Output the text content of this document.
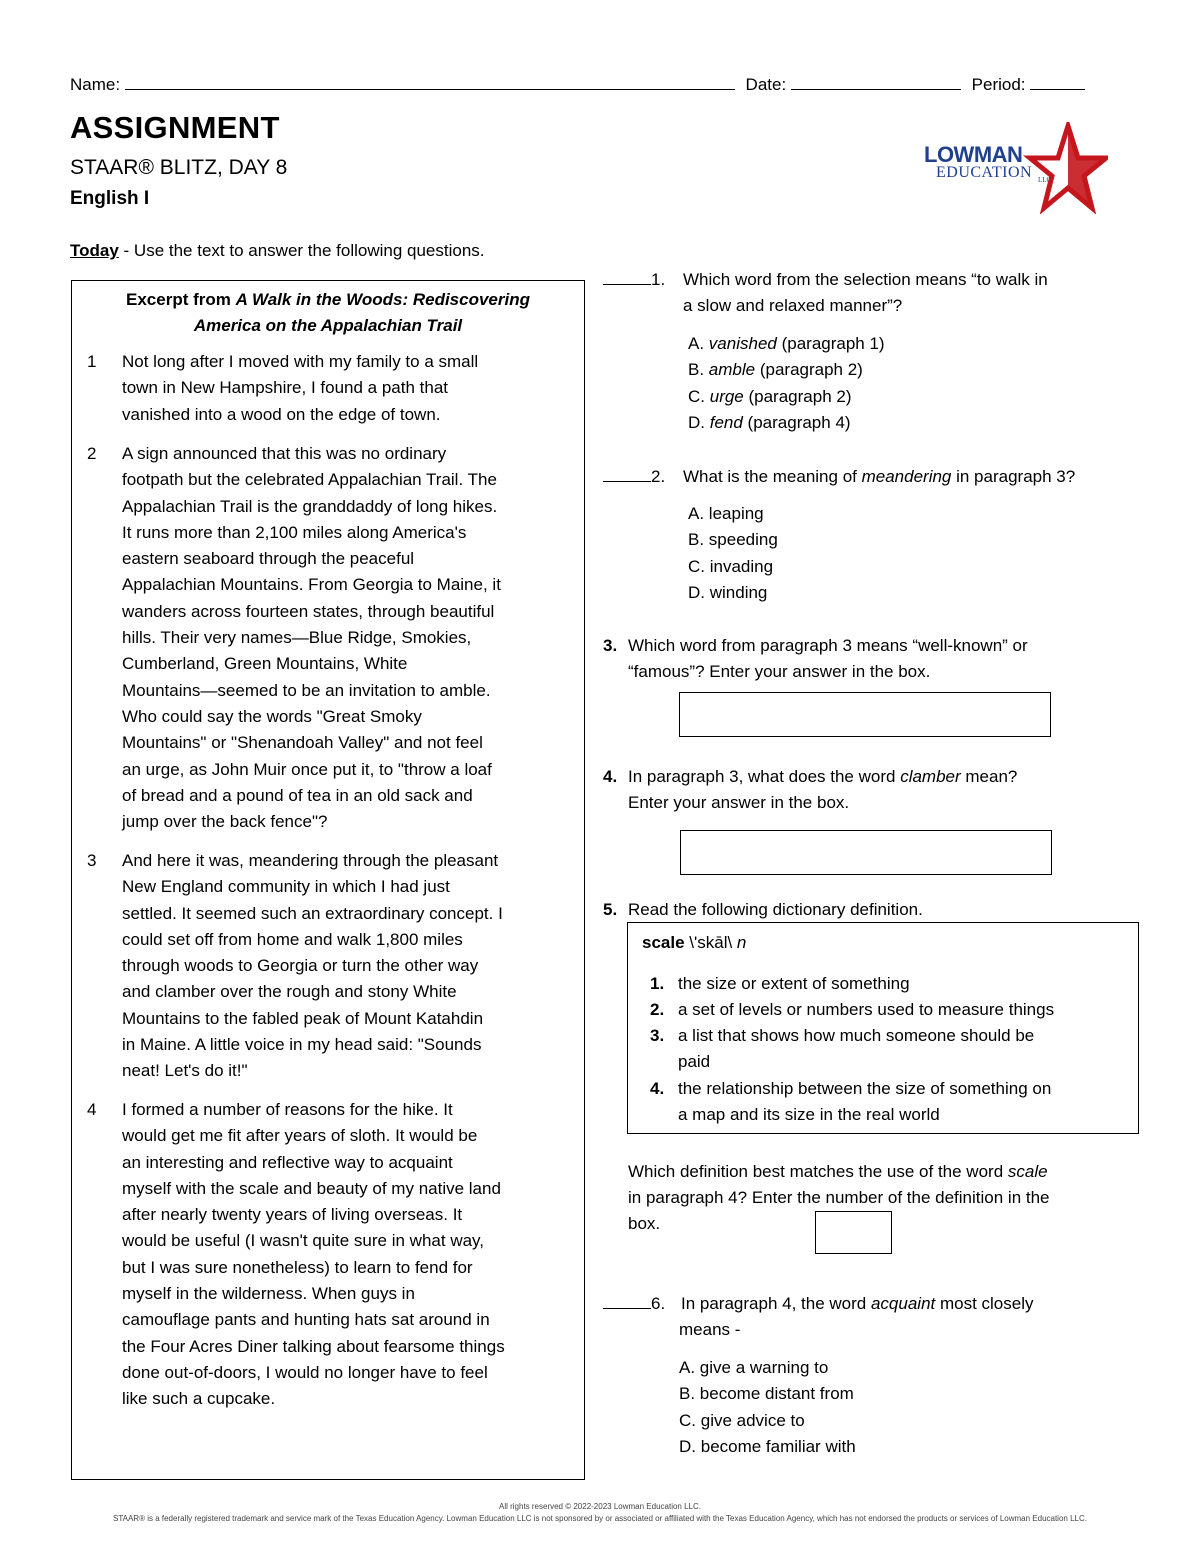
Name:	Date:	Period:
ASSIGNMENT
STAAR® BLITZ, DAY 8
English I
LOWMAN
EDUCATION LLC
Today - Use the text to answer the following questions.
Excerpt from A Walk in the Woods: Rediscovering
America on the Appalachian Trail
1 Not long after I moved with my family to a small
town in New Hampshire, I found a path that
vanished into a wood on the edge of town.
2 A sign announced that this was no ordinary
footpath but the celebrated Appalachian Trail. The
Appalachian Trail is the granddaddy of long hikes.
It runs more than 2,100 miles along America's
eastern seaboard through the peaceful
Appalachian Mountains. From Georgia to Maine, it
wanders across fourteen states, through beautiful
hills. Their very names—Blue Ridge, Smokies,
Cumberland, Green Mountains, White
Mountains—seemed to be an invitation to amble.
Who could say the words "Great Smoky
Mountains" or "Shenandoah Valley" and not feel
an urge, as John Muir once put it, to "throw a loaf
of bread and a pound of tea in an old sack and
jump over the back fence"?
3 And here it was, meandering through the pleasant
New England community in which I had just
settled. It seemed such an extraordinary concept. I
could set off from home and walk 1,800 miles
through woods to Georgia or turn the other way
and clamber over the rough and stony White
Mountains to the fabled peak of Mount Katahdin
in Maine. A little voice in my head said: "Sounds
neat! Let's do it!"
4 I formed a number of reasons for the hike. It
would get me fit after years of sloth. It would be
an interesting and reflective way to acquaint
myself with the scale and beauty of my native land
after nearly twenty years of living overseas. It
would be useful (I wasn't quite sure in what way,
but I was sure nonetheless) to learn to fend for
myself in the wilderness. When guys in
camouflage pants and hunting hats sat around in
the Four Acres Diner talking about fearsome things
done out-of-doors, I would no longer have to feel
like such a cupcake.
1. Which word from the selection means “to walk in
a slow and relaxed manner”?
A. vanished (paragraph 1)
B. amble (paragraph 2)
C. urge (paragraph 2)
D. fend (paragraph 4)
2. What is the meaning of meandering in paragraph 3?
A. leaping
B. speeding
C. invading
D. winding
3. Which word from paragraph 3 means “well-known” or
“famous”? Enter your answer in the box.
4. In paragraph 3, what does the word clamber mean?
Enter your answer in the box.
5. Read the following dictionary definition.
scale \'skāl\ n
1. the size or extent of something
2. a set of levels or numbers used to measure things
3. a list that shows how much someone should be
paid
4. the relationship between the size of something on
a map and its size in the real world
Which definition best matches the use of the word scale
in paragraph 4? Enter the number of the definition in the
box.
6. In paragraph 4, the word acquaint most closely
means -
A. give a warning to
B. become distant from
C. give advice to
D. become familiar with
All rights reserved © 2022-2023 Lowman Education LLC.
STAAR® is a federally registered trademark and service mark of the Texas Education Agency. Lowman Education LLC is not sponsored by or associated or affiliated with the Texas Education Agency, which has not endorsed the products or services of Lowman Education LLC.
